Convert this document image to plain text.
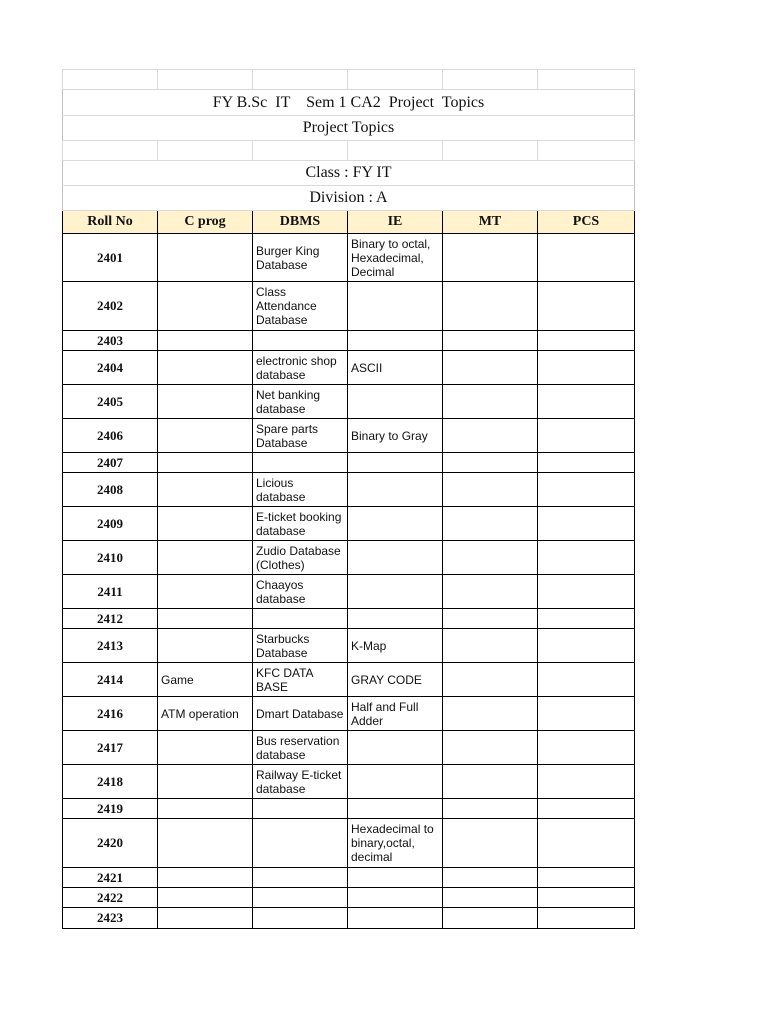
FY B.Sc  IT    Sem 1 CA2  Project  Topics					
Project Topics					

Class : FY IT					
Division : A					
Roll No	C prog	DBMS	IE	MT	PCS
2401		Burger King Database	Binary to octal, Hexadecimal, Decimal		
2402		Class Attendance Database			
2403					
2404		electronic shop database	ASCII		
2405		Net banking database			
2406		Spare parts Database	Binary to Gray		
2407					
2408		Licious database			
2409		E-ticket booking database			
2410		Zudio Database (Clothes)			
2411		Chaayos database			
2412					
2413		Starbucks Database	K-Map		
2414	Game	KFC DATA BASE	GRAY CODE		
2416	ATM operation	Dmart Database	Half and Full Adder		
2417		Bus reservation database			
2418		Railway E-ticket database			
2419					
2420			Hexadecimal to binary,octal, decimal		
2421					
2422					
2423					
